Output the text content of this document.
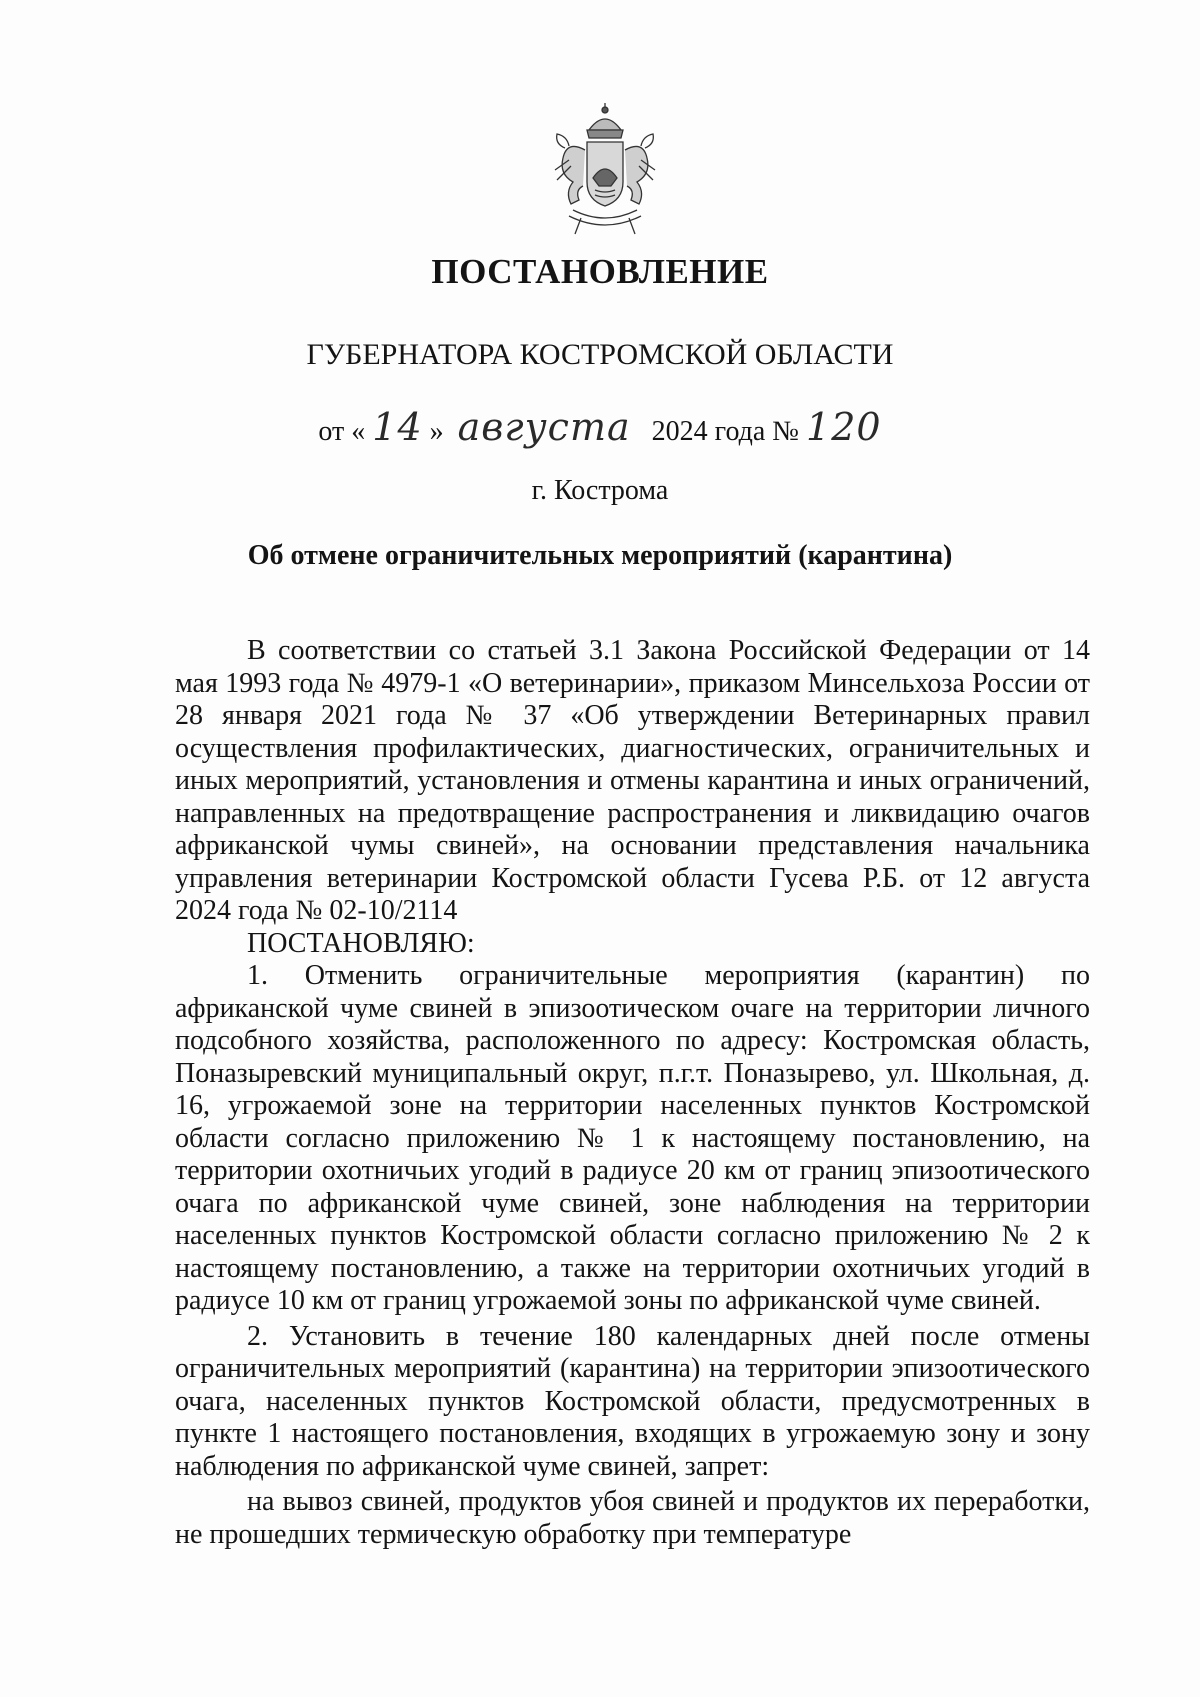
ПОСТАНОВЛЕНИЕ
ГУБЕРНАТОРА КОСТРОМСКОЙ ОБЛАСТИ
от « 14 » августа 2024 года № 120
г. Кострома
Об отмене ограничительных мероприятий (карантина)

В соответствии со статьей 3.1 Закона Российской Федерации от 14 мая 1993 года № 4979-1 «О ветеринарии», приказом Минсельхоза России от 28 января 2021 года № 37 «Об утверждении Ветеринарных правил осуществления профилактических, диагностических, ограничительных и иных мероприятий, установления и отмены карантина и иных ограничений, направленных на предотвращение распространения и ликвидацию очагов африканской чумы свиней», на основании представления начальника управления ветеринарии Костромской области Гусева Р.Б. от 12 августа 2024 года № 02-10/2114

ПОСТАНОВЛЯЮ:

1. Отменить ограничительные мероприятия (карантин) по африканской чуме свиней в эпизоотическом очаге на территории личного подсобного хозяйства, расположенного по адресу: Костромская область, Поназыревский муниципальный округ, п.г.т. Поназырево, ул. Школьная, д. 16, угрожаемой зоне на территории населенных пунктов Костромской области согласно приложению № 1 к настоящему постановлению, на территории охотничьих угодий в радиусе 20 км от границ эпизоотического очага по африканской чуме свиней, зоне наблюдения на территории населенных пунктов Костромской области согласно приложению № 2 к настоящему постановлению, а также на территории охотничьих угодий в радиусе 10 км от границ угрожаемой зоны по африканской чуме свиней.

2. Установить в течение 180 календарных дней после отмены ограничительных мероприятий (карантина) на территории эпизоотического очага, населенных пунктов Костромской области, предусмотренных в пункте 1 настоящего постановления, входящих в угрожаемую зону и зону наблюдения по африканской чуме свиней, запрет:

на вывоз свиней, продуктов убоя свиней и продуктов их переработки, не прошедших термическую обработку при температуре
